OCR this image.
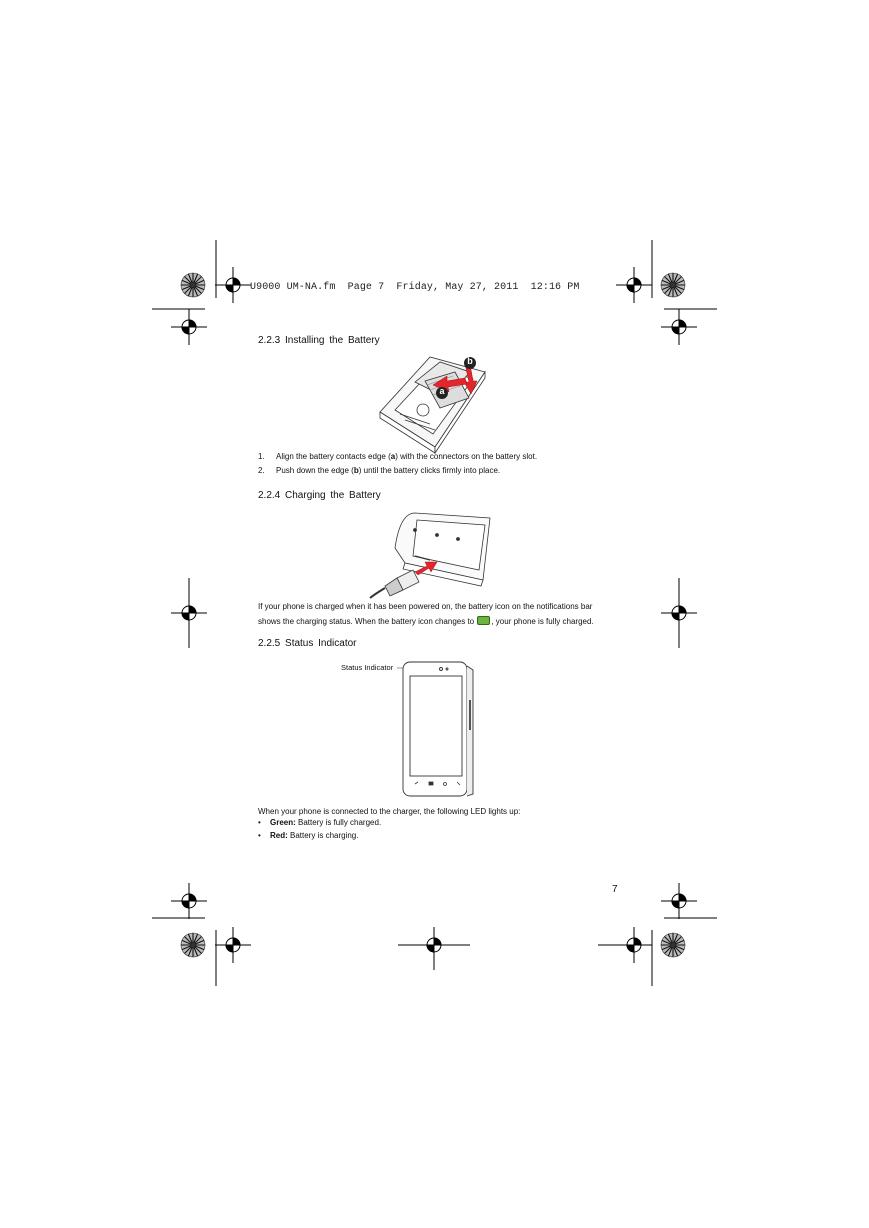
U9000 UM-NA.fm  Page 7  Friday, May 27, 2011  12:16 PM
2.2.3 Installing the Battery
b
a
1. Align the battery contacts edge (a) with the connectors on the battery slot.
2. Push down the edge (b) until the battery clicks firmly into place.
2.2.4 Charging the Battery
If your phone is charged when it has been powered on, the battery icon on the notifications bar
shows the charging status. When the battery icon changes to , your phone is fully charged.
2.2.5 Status Indicator
Status Indicator
When your phone is connected to the charger, the following LED lights up:
• Green: Battery is fully charged.
• Red: Battery is charging.
7
